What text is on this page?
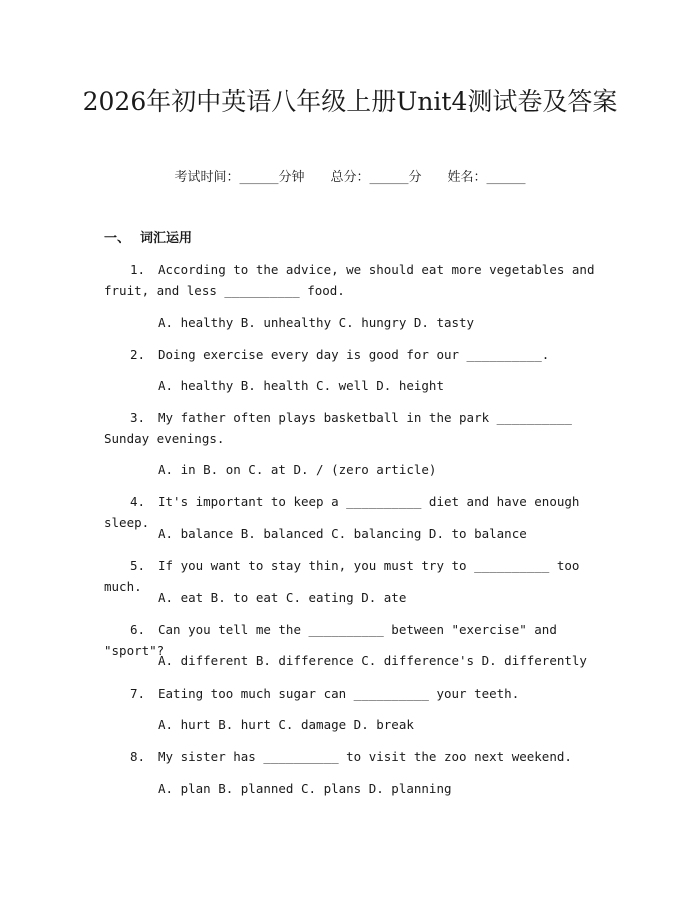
2026年初中英语八年级上册Unit4测试卷及答案
考试时间：______分钟 总分：______分 姓名：______
一、 词汇运用
1. According to the advice, we should eat more vegetables and fruit, and less __________ food.
A. healthy B. unhealthy C. hungry D. tasty
2. Doing exercise every day is good for our __________.
A. healthy B. health C. well D. height
3. My father often plays basketball in the park __________ Sunday evenings.
A. in B. on C. at D. / (zero article)
4. It's important to keep a __________ diet and have enough sleep.
A. balance B. balanced C. balancing D. to balance
5. If you want to stay thin, you must try to __________ too much.
A. eat B. to eat C. eating D. ate
6. Can you tell me the __________ between "exercise" and "sport"?
A. different B. difference C. difference's D. differently
7. Eating too much sugar can __________ your teeth.
A. hurt B. hurt C. damage D. break
8. My sister has __________ to visit the zoo next weekend.
A. plan B. planned C. plans D. planning
